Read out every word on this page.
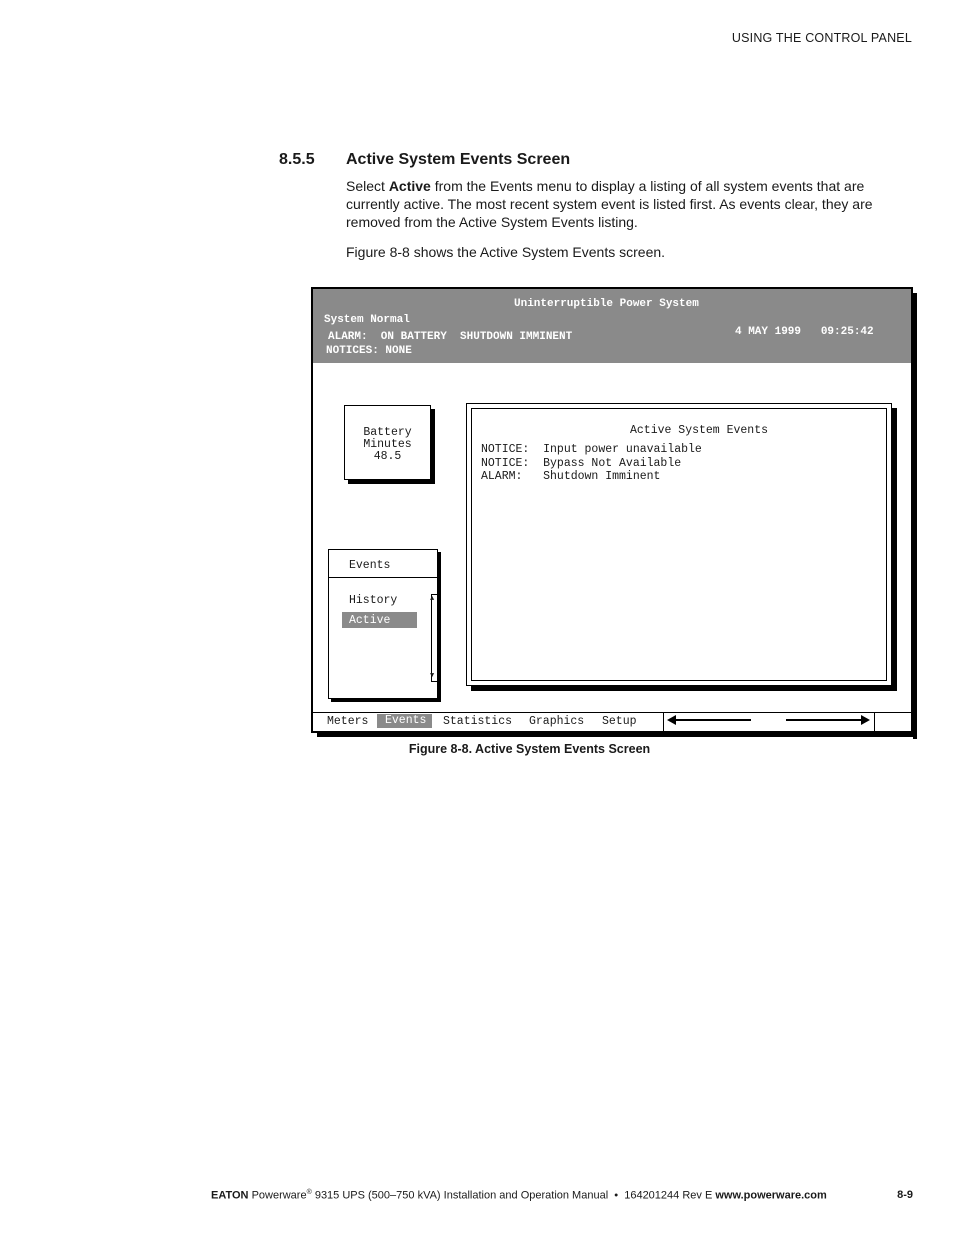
USING THE CONTROL PANEL
8.5.5 Active System Events Screen
Select Active from the Events menu to display a listing of all system events that are currently active. The most recent system event is listed first. As events clear, they are removed from the Active System Events listing.
Figure 8-8 shows the Active System Events screen.
Uninterruptible Power System
System Normal
ALARM:  ON BATTERY  SHUTDOWN IMMINENT
NOTICES: NONE
4 MAY 1999   09:25:42
Battery
Minutes
48.5
Active System Events
NOTICE:  Input power unavailable
NOTICE:  Bypass Not Available
ALARM:   Shutdown Imminent
Events
History
Active
▲
▼
Meters	Events	Statistics Graphics Setup
Figure 8-8. Active System Events Screen
EATON Powerware® 9315 UPS (500–750 kVA) Installation and Operation Manual  •  164201244 Rev E www.powerware.com	8-9
